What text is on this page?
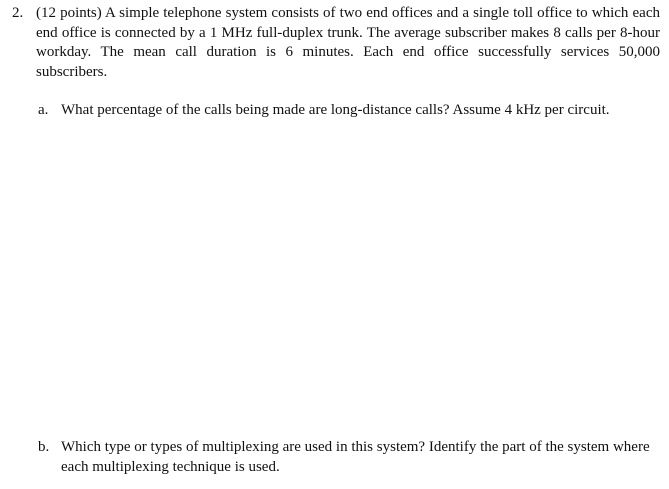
2. (12 points) A simple telephone system consists of two end offices and a single toll office to which each end office is connected by a 1 MHz full-duplex trunk. The average subscriber makes 8 calls per 8-hour workday. The mean call duration is 6 minutes. Each end office successfully services 50,000 subscribers.
a. What percentage of the calls being made are long-distance calls? Assume 4 kHz per circuit.
b. Which type or types of multiplexing are used in this system? Identify the part of the system where each multiplexing technique is used.
